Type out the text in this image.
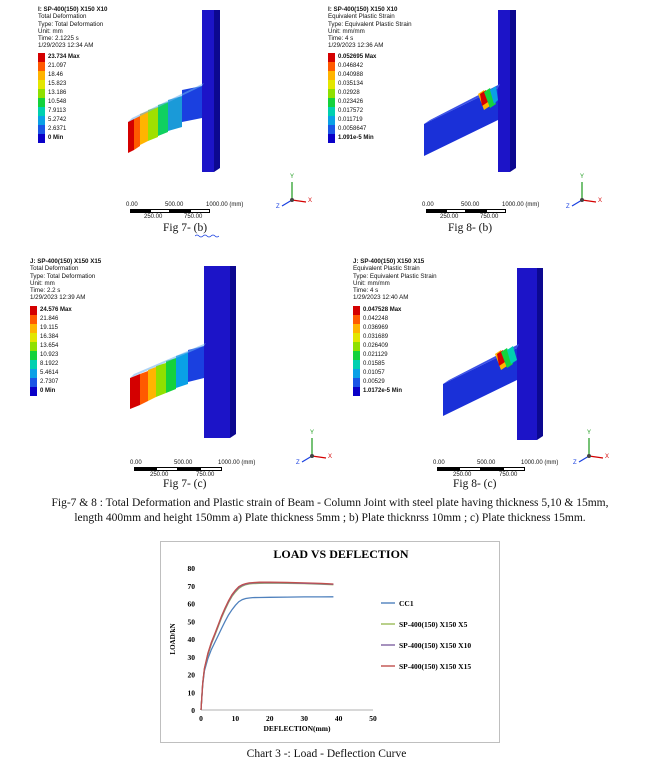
I: SP-400(150) X150 X10
Total Deformation
Type: Total Deformation
Unit: mm
Time: 2.1225 s
1/29/2023 12:34 AM
23.734 Max
21.097
18.46
15.823
13.186
10.548
7.9113
5.2742
2.6371
0 Min
0.00	500.00	1000.00 (mm)
250.00	750.00
Y
X
Z
Fig 7- (b)
I: SP-400(150) X150 X10
Equivalent Plastic Strain
Type: Equivalent Plastic Strain
Unit: mm/mm
Time: 4 s
1/29/2023 12:36 AM
0.052695 Max
0.046842
0.040988
0.035134
0.02928
0.023426
0.017572
0.011719
0.0058647
1.091e-5 Min
0.00	500.00	1000.00 (mm)
250.00	750.00
Y
X
Z
Fig 8- (b)
J: SP-400(150) X150 X15
Total Deformation
Type: Total Deformation
Unit: mm
Time: 2.2 s
1/29/2023 12:39 AM
24.576 Max
21.846
19.115
16.384
13.654
10.923
8.1922
5.4614
2.7307
0 Min
0.00	500.00	1000.00 (mm)
250.00	750.00
Y
X
Z
Fig 7- (c)
J: SP-400(150) X150 X15
Equivalent Plastic Strain
Type: Equivalent Plastic Strain
Unit: mm/mm
Time: 4 s
1/29/2023 12:40 AM
0.047528 Max
0.042248
0.036969
0.031689
0.026409
0.021129
0.01585
0.01057
0.00529
1.0172e-5 Min
0.00	500.00	1000.00 (mm)
250.00	750.00
Y
X
Z
Fig 8- (c)
Fig-7 & 8 : Total Deformation and Plastic strain of Beam - Column Joint with steel plate having thickness 5,10 & 15mm, length 400mm and height 150mm a) Plate thickness 5mm ; b) Plate thicknrss 10mm ; c) Plate thickness 15mm.
LOAD VS DEFLECTION
0
10
20
30
40
50
60
70
80
0	10	20	30	40	50
DEFLECTION(mm)
LOAD/kN
CC1
SP-400(150) X150 X5
SP-400(150) X150 X10
SP-400(150) X150 X15
Chart 3 -: Load - Deflection Curve
